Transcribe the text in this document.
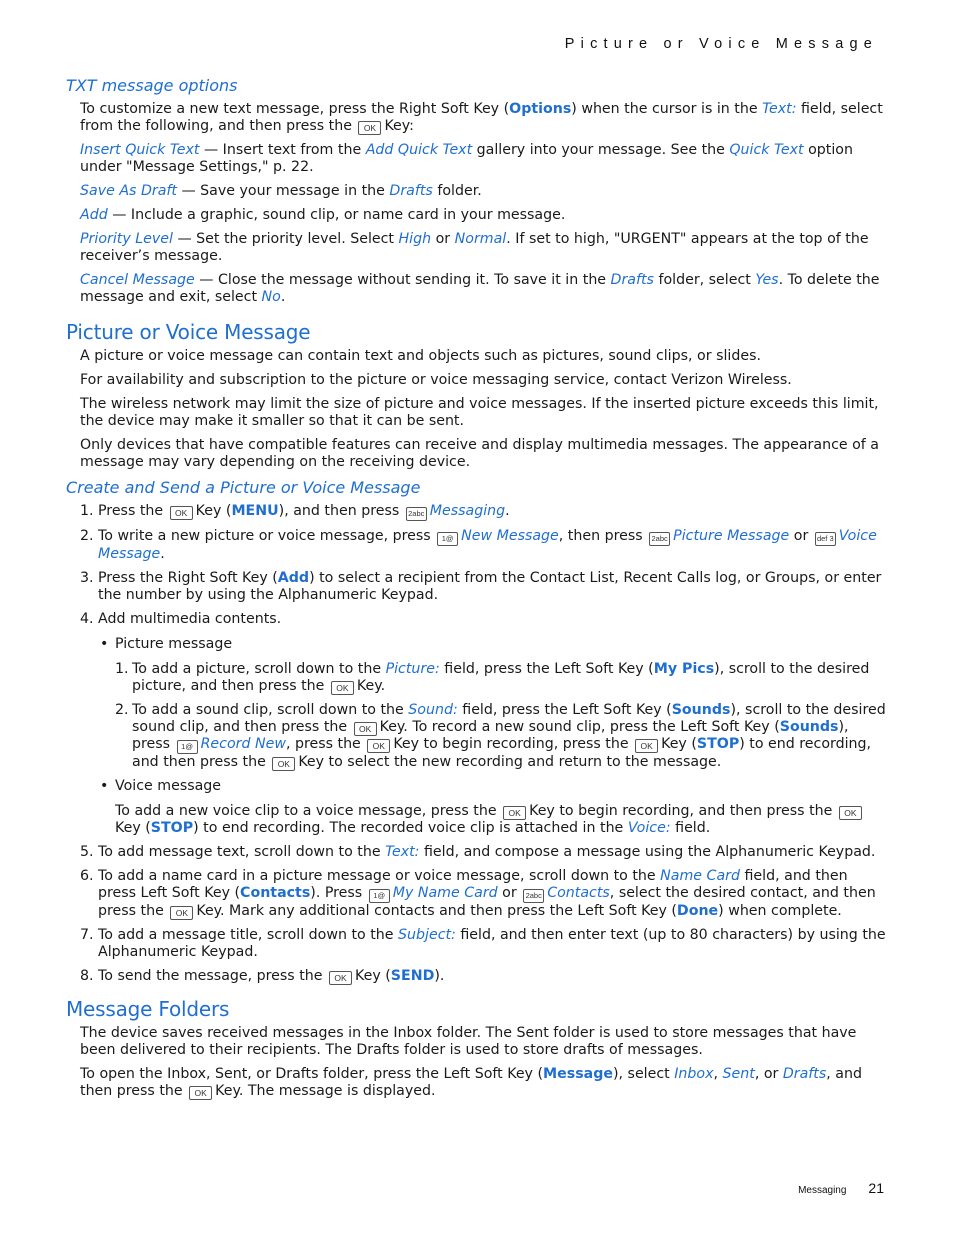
Picture or Voice Message
TXT message options

To customize a new text message, press the Right Soft Key (Options) when the cursor is in the Text: field, select from the following, and then press the OK Key:

Insert Quick Text — Insert text from the Add Quick Text gallery into your message. See the Quick Text option under "Message Settings," p. 22.

Save As Draft — Save your message in the Drafts folder.

Add — Include a graphic, sound clip, or name card in your message.

Priority Level — Set the priority level. Select High or Normal. If set to high, "URGENT" appears at the top of the receiver’s message.

Cancel Message — Close the message without sending it. To save it in the Drafts folder, select Yes. To delete the message and exit, select No.

Picture or Voice Message

A picture or voice message can contain text and objects such as pictures, sound clips, or slides.

For availability and subscription to the picture or voice messaging service, contact Verizon Wireless.

The wireless network may limit the size of picture and voice messages. If the inserted picture exceeds this limit, the device may make it smaller so that it can be sent.

Only devices that have compatible features can receive and display multimedia messages. The appearance of a message may vary depending on the receiving device.

Create and Send a Picture or Voice Message
1. Press the OK Key (MENU), and then press 2abc Messaging.
2. To write a new picture or voice message, press 1@ New Message, then press 2abc Picture Message or def 3 Voice Message.
3. Press the Right Soft Key (Add) to select a recipient from the Contact List, Recent Calls log, or Groups, or enter the number by using the Alphanumeric Keypad.
4. Add multimedia contents.
• Picture message
1. To add a picture, scroll down to the Picture: field, press the Left Soft Key (My Pics), scroll to the desired picture, and then press the OK Key.
2. To add a sound clip, scroll down to the Sound: field, press the Left Soft Key (Sounds), scroll to the desired sound clip, and then press the OK Key. To record a new sound clip, press the Left Soft Key (Sounds), press 1@ Record New, press the OK Key to begin recording, press the OK Key (STOP) to end recording, and then press the OK Key to select the new recording and return to the message.
• Voice message

To add a new voice clip to a voice message, press the OK Key to begin recording, and then press the OKKey (STOP) to end recording. The recorded voice clip is attached in the Voice: field.

5. To add message text, scroll down to the Text: field, and compose a message using the Alphanumeric Keypad.
6. To add a name card in a picture message or voice message, scroll down to the Name Card field, and then press Left Soft Key (Contacts). Press 1@ My Name Card or 2abc Contacts, select the desired contact, and then press the OK Key. Mark any additional contacts and then press the Left Soft Key (Done) when complete.
7. To add a message title, scroll down to the Subject: field, and then enter text (up to 80 characters) by using the Alphanumeric Keypad.
8. To send the message, press the OK Key (SEND).
Message Folders

The device saves received messages in the Inbox folder. The Sent folder is used to store messages that have been delivered to their recipients. The Drafts folder is used to store drafts of messages.

To open the Inbox, Sent, or Drafts folder, press the Left Soft Key (Message), select Inbox, Sent, or Drafts, and then press the OK Key. The message is displayed.

Messaging 21
